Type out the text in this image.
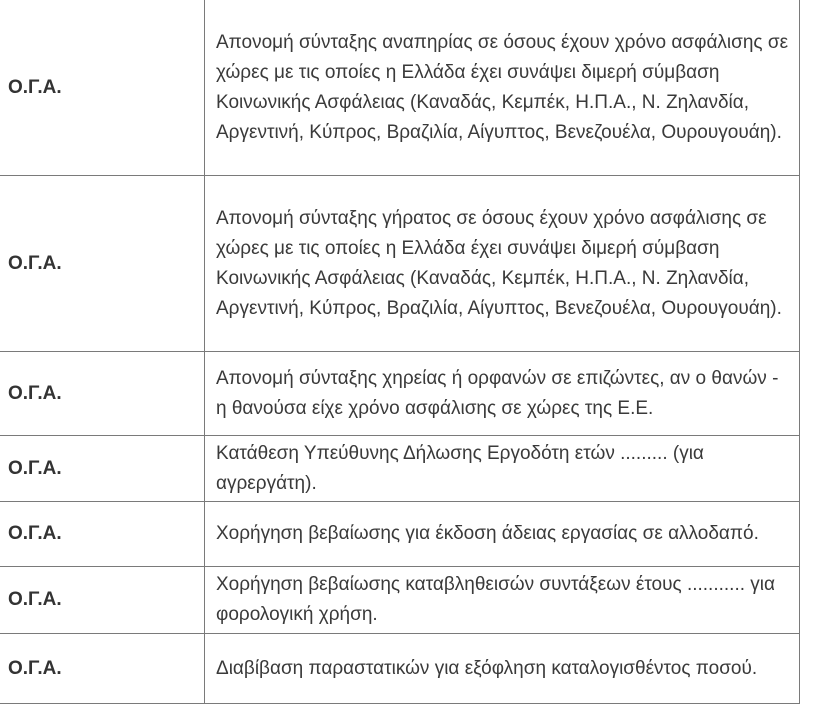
Ο.Γ.Α.	Απονομή σύνταξης αναπηρίας σε όσους έχουν χρόνο ασφάλισης σε χώρες με τις οποίες η Ελλάδα έχει συνάψει διμερή σύμβαση Κοινωνικής Ασφάλειας (Καναδάς, Κεμπέκ, Η.Π.Α., Ν. Ζηλανδία, Αργεντινή, Κύπρος, Βραζιλία, Αίγυπτος, Βενεζουέλα, Ουρουγουάη).
Ο.Γ.Α.	Απονομή σύνταξης γήρατος σε όσους έχουν χρόνο ασφάλισης σε χώρες με τις οποίες η Ελλάδα έχει συνάψει διμερή σύμβαση Κοινωνικής Ασφάλειας (Καναδάς, Κεμπέκ, Η.Π.Α., Ν. Ζηλανδία, Αργεντινή, Κύπρος, Βραζιλία, Αίγυπτος, Βενεζουέλα, Ουρουγουάη).
Ο.Γ.Α.	Απονομή σύνταξης χηρείας ή ορφανών σε επιζώντες, αν ο θανών - η θανούσα είχε χρόνο ασφάλισης σε χώρες της Ε.Ε.
Ο.Γ.Α.	Κατάθεση Υπεύθυνης Δήλωσης Εργοδότη ετών ......... (για αγρεργάτη).
Ο.Γ.Α.	Χορήγηση βεβαίωσης για έκδοση άδειας εργασίας σε αλλοδαπό.
Ο.Γ.Α.	Χορήγηση βεβαίωσης καταβληθεισών συντάξεων έτους ........... για φορολογική χρήση.
Ο.Γ.Α.	Διαβίβαση παραστατικών για εξόφληση καταλογισθέντος ποσού.
